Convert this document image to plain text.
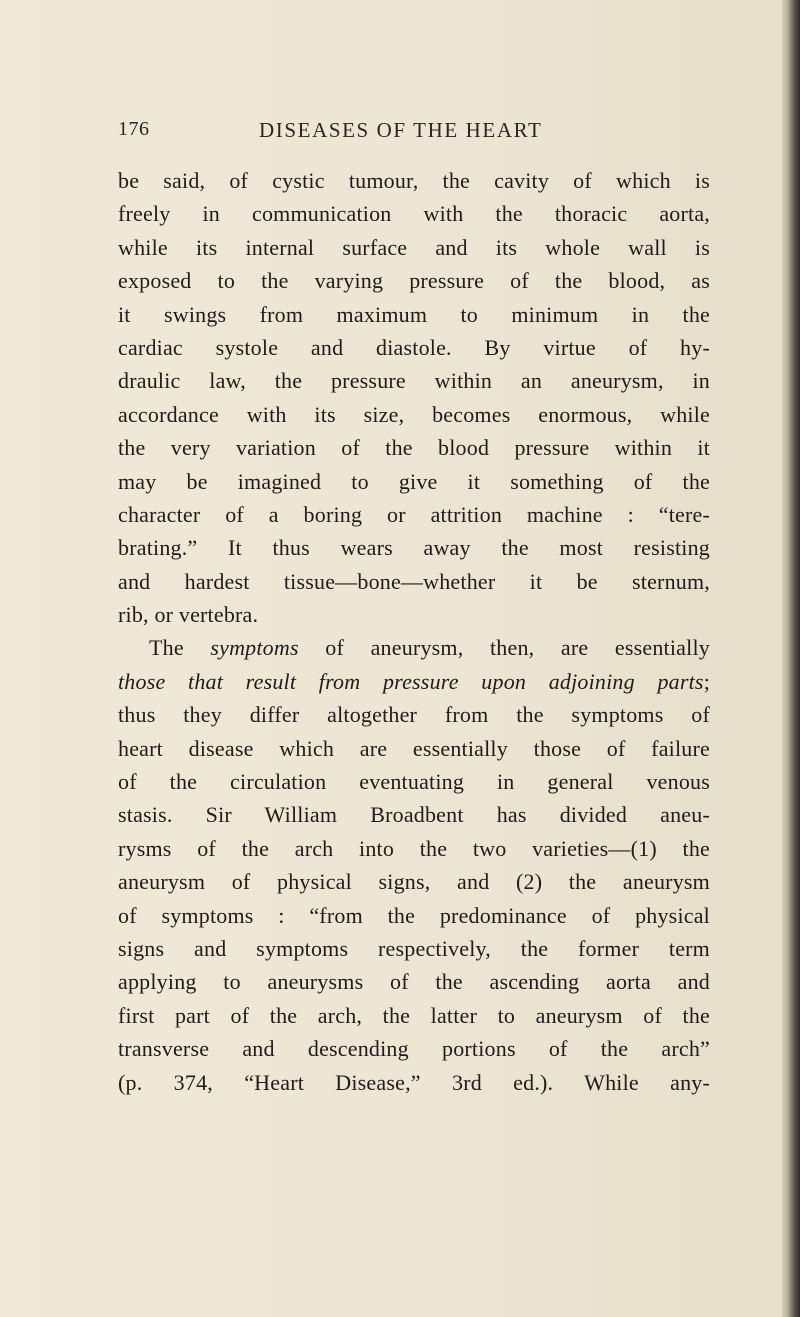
176	DISEASES OF THE HEART
be said, of cystic tumour, the cavity of which is
freely in communication with the thoracic aorta,
while its internal surface and its whole wall is
exposed to the varying pressure of the blood, as
it swings from maximum to minimum in the
cardiac systole and diastole. By virtue of hy-
draulic law, the pressure within an aneurysm, in
accordance with its size, becomes enormous, while
the very variation of the blood pressure within it
may be imagined to give it something of the
character of a boring or attrition machine : “tere-
brating.” It thus wears away the most resisting
and hardest tissue—bone—whether it be sternum,
rib, or vertebra.
The symptoms of aneurysm, then, are essentially
those that result from pressure upon adjoining parts;
thus they differ altogether from the symptoms of
heart disease which are essentially those of failure
of the circulation eventuating in general venous
stasis. Sir William Broadbent has divided aneu-
rysms of the arch into the two varieties—(1) the
aneurysm of physical signs, and (2) the aneurysm
of symptoms : “from the predominance of physical
signs and symptoms respectively, the former term
applying to aneurysms of the ascending aorta and
first part of the arch, the latter to aneurysm of the
transverse and descending portions of the arch”
(p. 374, “Heart Disease,” 3rd ed.). While any-
